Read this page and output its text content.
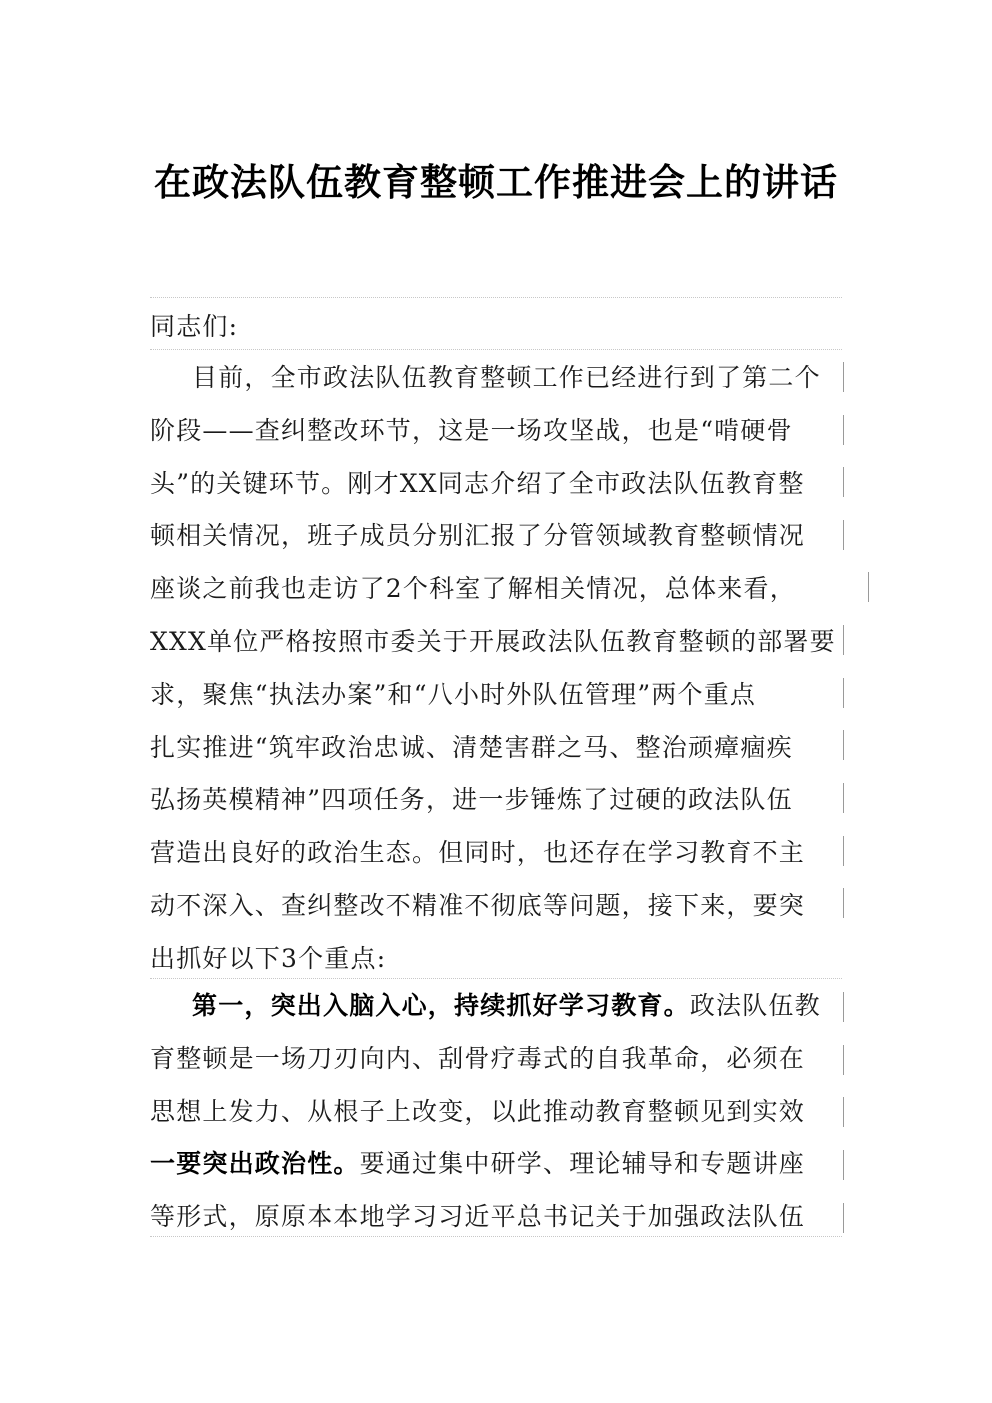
在政法队伍教育整顿工作推进会上的讲话
同志们:
目前，全市政法队伍教育整顿工作已经进行到了第二个
阶段——查纠整改环节，这是一场攻坚战，也是“啃硬骨
头”的关键环节。刚才XX同志介绍了全市政法队伍教育整
顿相关情况，班子成员分别汇报了分管领域教育整顿情况
座谈之前我也走访了2个科室了解相关情况，总体来看，
XXX单位严格按照市委关于开展政法队伍教育整顿的部署要
求，聚焦“执法办案”和“八小时外队伍管理”两个重点
扎实推进“筑牢政治忠诚、清楚害群之马、整治顽瘴痼疾
弘扬英模精神”四项任务，进一步锤炼了过硬的政法队伍
营造出良好的政治生态。但同时，也还存在学习教育不主
动不深入、查纠整改不精准不彻底等问题，接下来，要突
出抓好以下3个重点:
第一，突出入脑入心，持续抓好学习教育。政法队伍教
育整顿是一场刀刃向内、刮骨疗毒式的自我革命，必须在
思想上发力、从根子上改变，以此推动教育整顿见到实效
一要突出政治性。要通过集中研学、理论辅导和专题讲座
等形式，原原本本地学习习近平总书记关于加强政法队伍
